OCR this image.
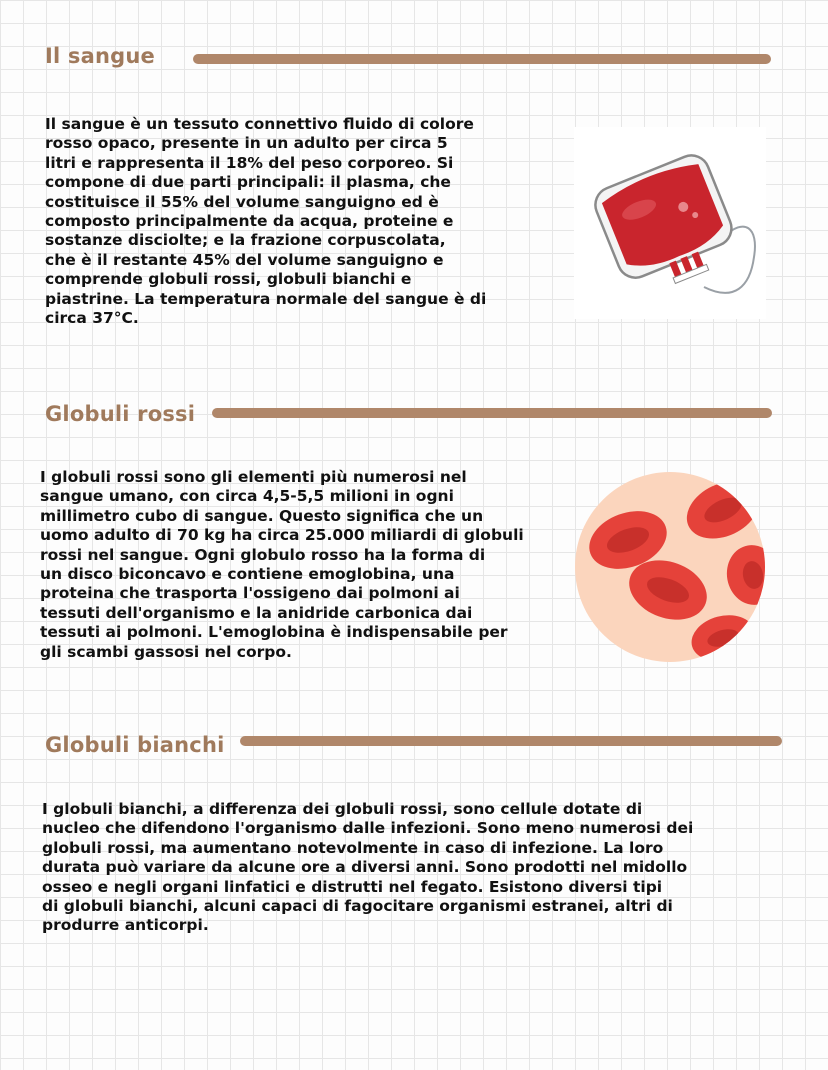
Il sangue

Il sangue è un tessuto connettivo fluido di colore
rosso opaco, presente in un adulto per circa 5
litri e rappresenta il 18% del peso corporeo. Si
compone di due parti principali: il plasma, che
costituisce il 55% del volume sanguigno ed è
composto principalmente da acqua, proteine e
sostanze disciolte; e la frazione corpuscolata,
che è il restante 45% del volume sanguigno e
comprende globuli rossi, globuli bianchi e
piastrine. La temperatura normale del sangue è di
circa 37°C.

Globuli rossi

I globuli rossi sono gli elementi più numerosi nel
sangue umano, con circa 4,5-5,5 milioni in ogni
millimetro cubo di sangue. Questo significa che un
uomo adulto di 70 kg ha circa 25.000 miliardi di globuli
rossi nel sangue. Ogni globulo rosso ha la forma di
un disco biconcavo e contiene emoglobina, una
proteina che trasporta l'ossigeno dai polmoni ai
tessuti dell'organismo e la anidride carbonica dai
tessuti ai polmoni. L'emoglobina è indispensabile per
gli scambi gassosi nel corpo.

Globuli bianchi

I globuli bianchi, a differenza dei globuli rossi, sono cellule dotate di
nucleo che difendono l'organismo dalle infezioni. Sono meno numerosi dei
globuli rossi, ma aumentano notevolmente in caso di infezione. La loro
durata può variare da alcune ore a diversi anni. Sono prodotti nel midollo
osseo e negli organi linfatici e distrutti nel fegato. Esistono diversi tipi
di globuli bianchi, alcuni capaci di fagocitare organismi estranei, altri di
produrre anticorpi.
